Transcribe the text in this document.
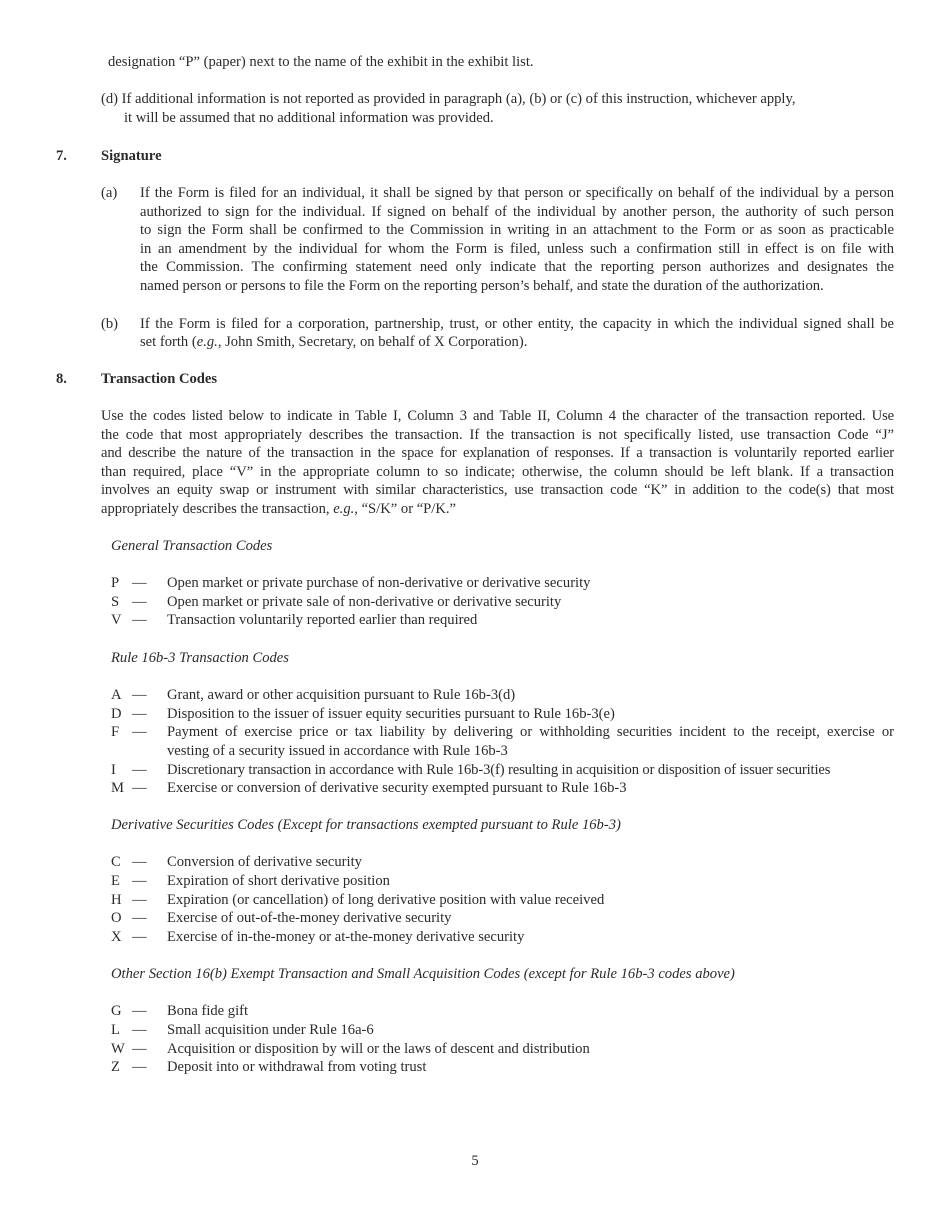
designation “P” (paper) next to the name of the exhibit in the exhibit list.
(d) If additional information is not reported as provided in paragraph (a), (b) or (c) of this instruction, whichever apply,
it will be assumed that no additional information was provided.
7. Signature
(a) If the Form is filed for an individual, it shall be signed by that person or specifically on behalf of the individual by a person
authorized to sign for the individual. If signed on behalf of the individual by another person, the authority of such person
to sign the Form shall be confirmed to the Commission in writing in an attachment to the Form or as soon as practicable
in an amendment by the individual for whom the Form is filed, unless such a confirmation still in effect is on file with
the Commission. The confirming statement need only indicate that the reporting person authorizes and designates the
named person or persons to file the Form on the reporting person’s behalf, and state the duration of the authorization.
(b) If the Form is filed for a corporation, partnership, trust, or other entity, the capacity in which the individual signed shall be
set forth (e.g., John Smith, Secretary, on behalf of X Corporation).
8. Transaction Codes
Use the codes listed below to indicate in Table I, Column 3 and Table II, Column 4 the character of the transaction reported. Use
the code that most appropriately describes the transaction. If the transaction is not specifically listed, use transaction Code “J”
and describe the nature of the transaction in the space for explanation of responses. If a transaction is voluntarily reported earlier
than required, place “V” in the appropriate column to so indicate; otherwise, the column should be left blank. If a transaction
involves an equity swap or instrument with similar characteristics, use transaction code “K” in addition to the code(s) that most
appropriately describes the transaction, e.g., “S/K” or “P/K.”
General Transaction Codes
P — Open market or private purchase of non-derivative or derivative security
S — Open market or private sale of non-derivative or derivative security
V — Transaction voluntarily reported earlier than required
Rule 16b-3 Transaction Codes
A — Grant, award or other acquisition pursuant to Rule 16b-3(d)
D — Disposition to the issuer of issuer equity securities pursuant to Rule 16b-3(e)
F — Payment of exercise price or tax liability by delivering or withholding securities incident to the receipt, exercise or
vesting of a security issued in accordance with Rule 16b-3
I — Discretionary transaction in accordance with Rule 16b-3(f) resulting in acquisition or disposition of issuer securities
M — Exercise or conversion of derivative security exempted pursuant to Rule 16b-3
Derivative Securities Codes (Except for transactions exempted pursuant to Rule 16b-3)
C — Conversion of derivative security
E — Expiration of short derivative position
H — Expiration (or cancellation) of long derivative position with value received
O — Exercise of out-of-the-money derivative security
X — Exercise of in-the-money or at-the-money derivative security
Other Section 16(b) Exempt Transaction and Small Acquisition Codes (except for Rule 16b-3 codes above)
G — Bona fide gift
L — Small acquisition under Rule 16a-6
W — Acquisition or disposition by will or the laws of descent and distribution
Z — Deposit into or withdrawal from voting trust
5
